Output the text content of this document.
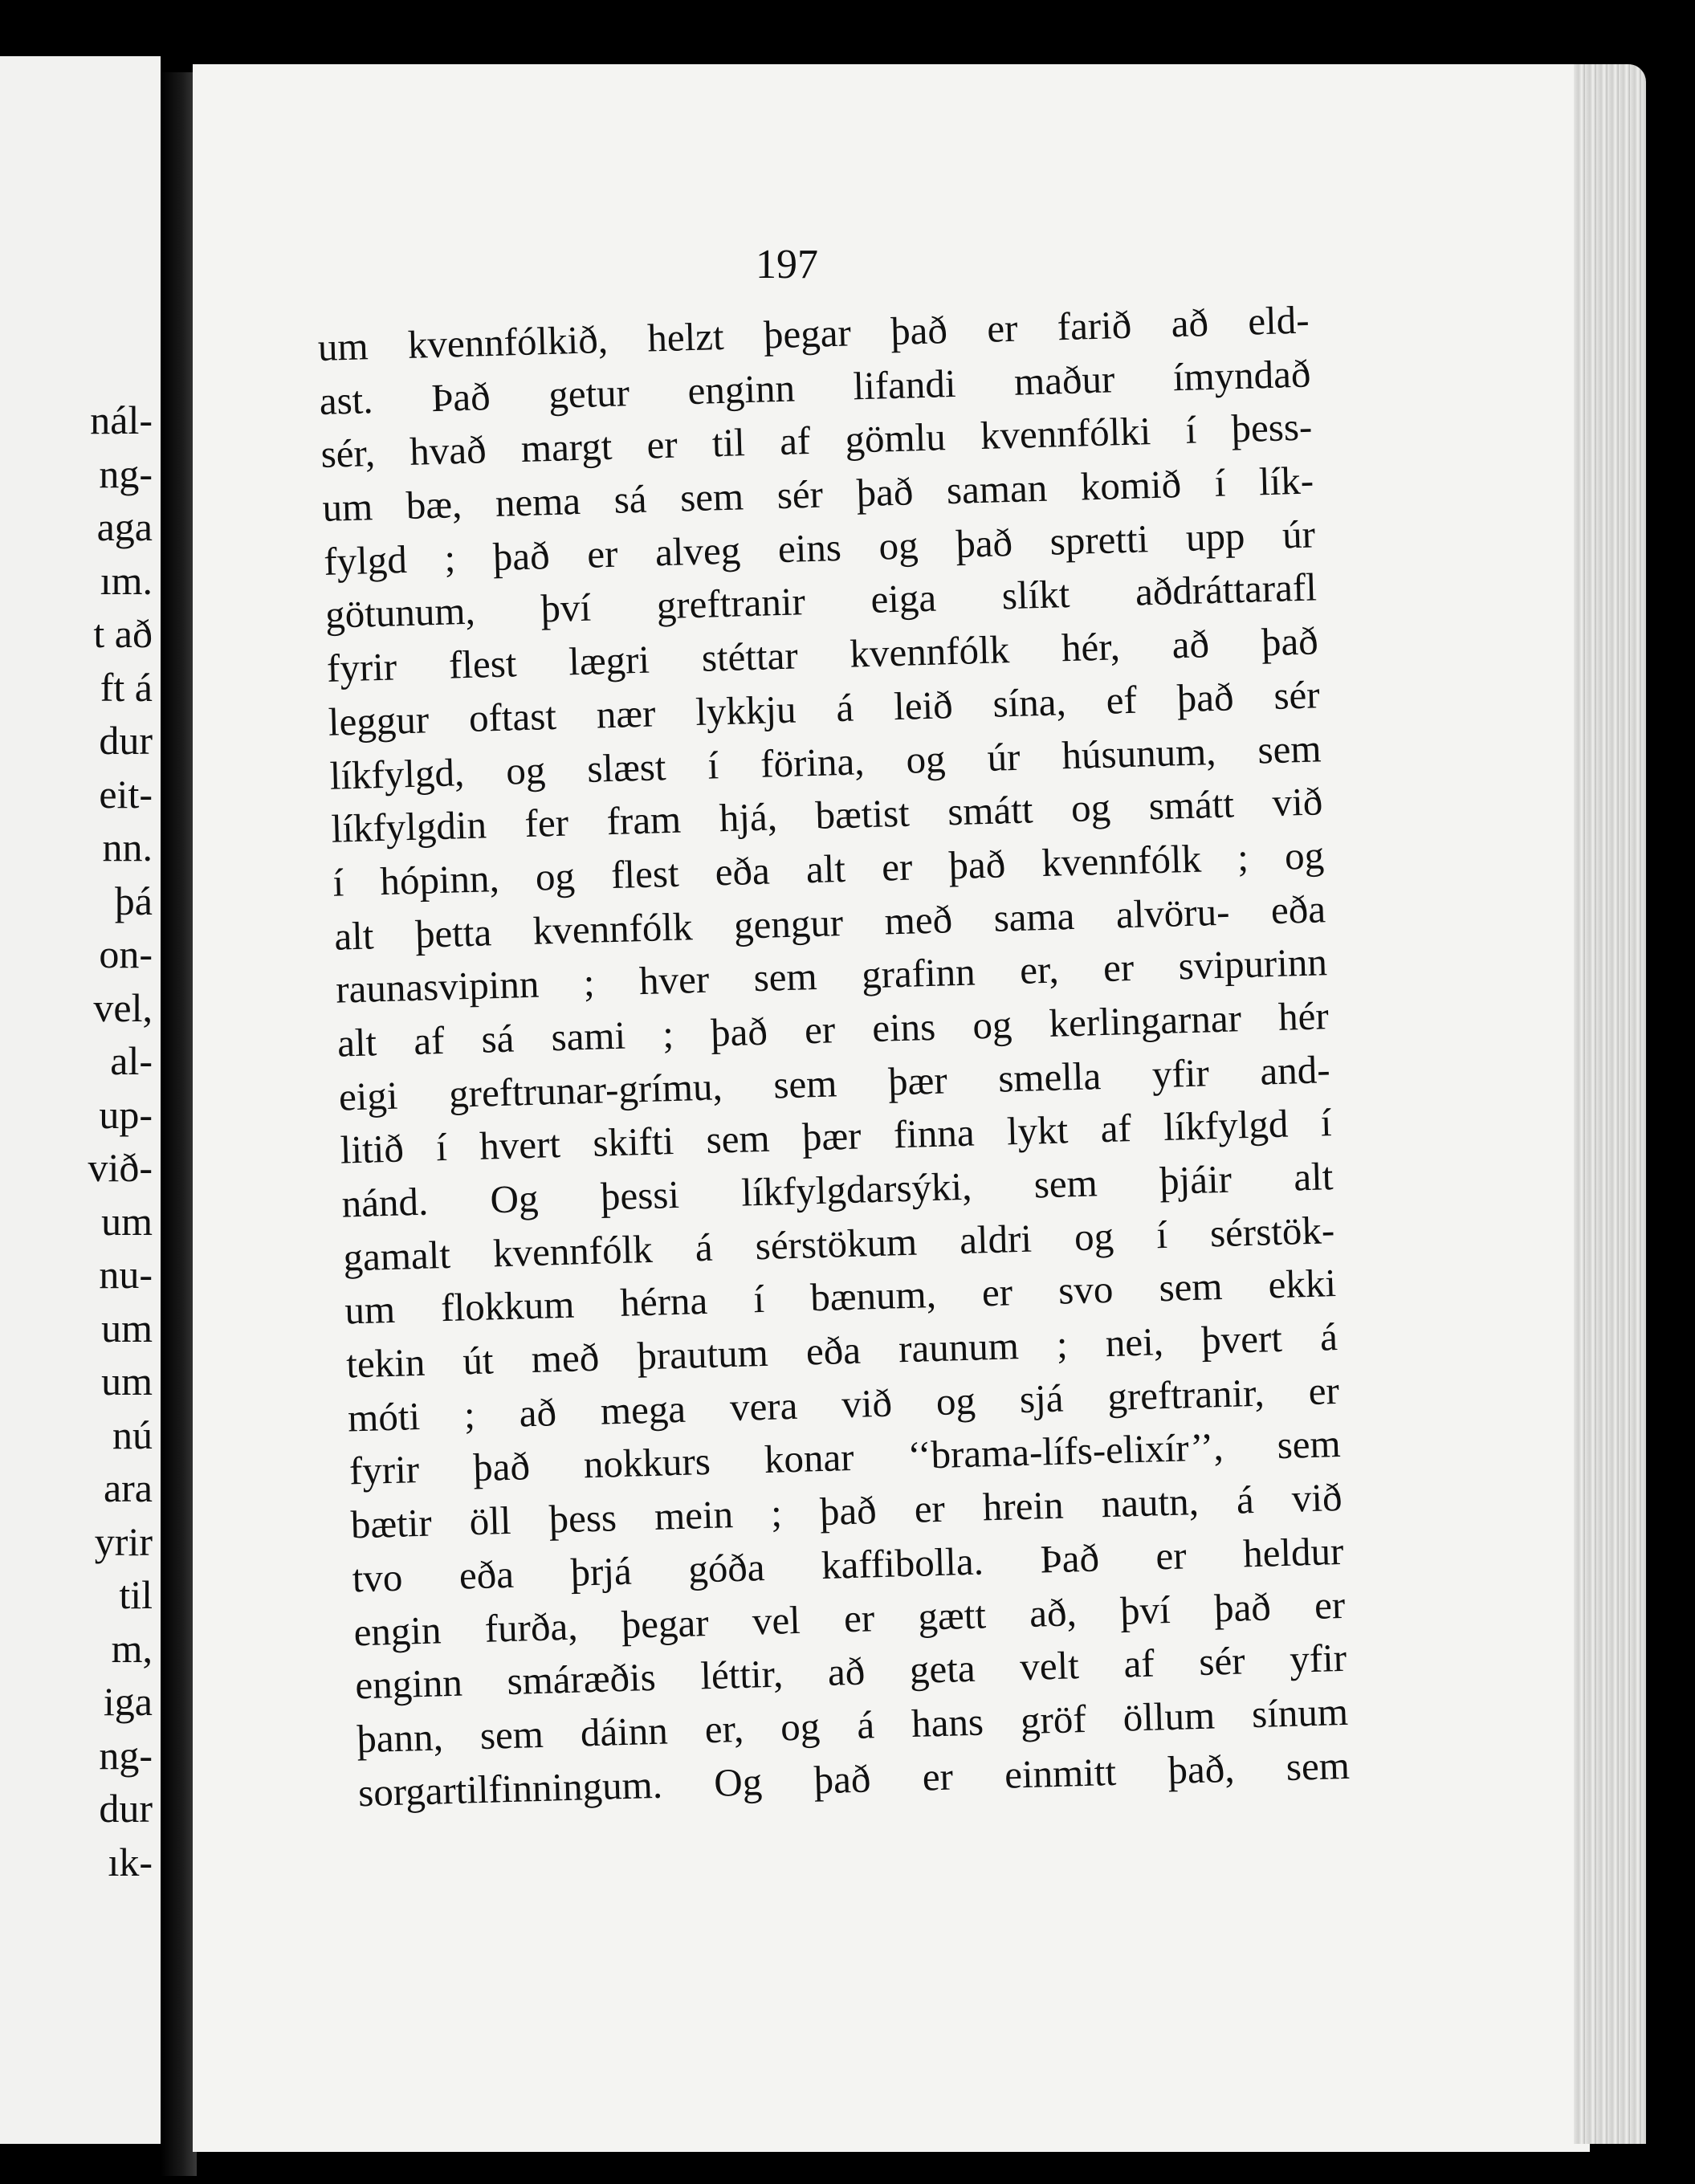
nál-
ng-
aga
ım.
t að
ft á
dur
eit-
nn.
þá
on-
vel,
al-
up-
við-
um
nu-
um
um
nú
ara
yrir
til
m,
iga
ng-
dur
ık-
197
um kvennfólkið, helzt þegar það er farið að eld-
ast. Það getur enginn lifandi maður ímyndað
sér, hvað margt er til af gömlu kvennfólki í þess-
um bæ, nema sá sem sér það saman komið í lík-
fylgd ; það er alveg eins og það spretti upp úr
götunum, því greftranir eiga slíkt aðdráttarafl
fyrir flest lægri stéttar kvennfólk hér, að það
leggur oftast nær lykkju á leið sína, ef það sér
líkfylgd, og slæst í förina, og úr húsunum, sem
líkfylgdin fer fram hjá, bætist smátt og smátt við
í hópinn, og flest eða alt er það kvennfólk ; og
alt þetta kvennfólk gengur með sama alvöru- eða
raunasvipinn ; hver sem grafinn er, er svipurinn
alt af sá sami ; það er eins og kerlingarnar hér
eigi greftrunar-grímu, sem þær smella yfir and-
litið í hvert skifti sem þær finna lykt af líkfylgd í
nánd. Og þessi líkfylgdarsýki, sem þjáir alt
gamalt kvennfólk á sérstökum aldri og í sérstök-
um flokkum hérna í bænum, er svo sem ekki
tekin út með þrautum eða raunum ; nei, þvert á
móti ; að mega vera við og sjá greftranir, er
fyrir það nokkurs konar ‘‘brama-lífs-elixír’’, sem
bætir öll þess mein ; það er hrein nautn, á við
tvo eða þrjá góða kaffibolla. Það er heldur
engin furða, þegar vel er gætt að, því það er
enginn smáræðis léttir, að geta velt af sér yfir
þann, sem dáinn er, og á hans gröf öllum sínum
sorgartilfinningum. Og það er einmitt það, sem
